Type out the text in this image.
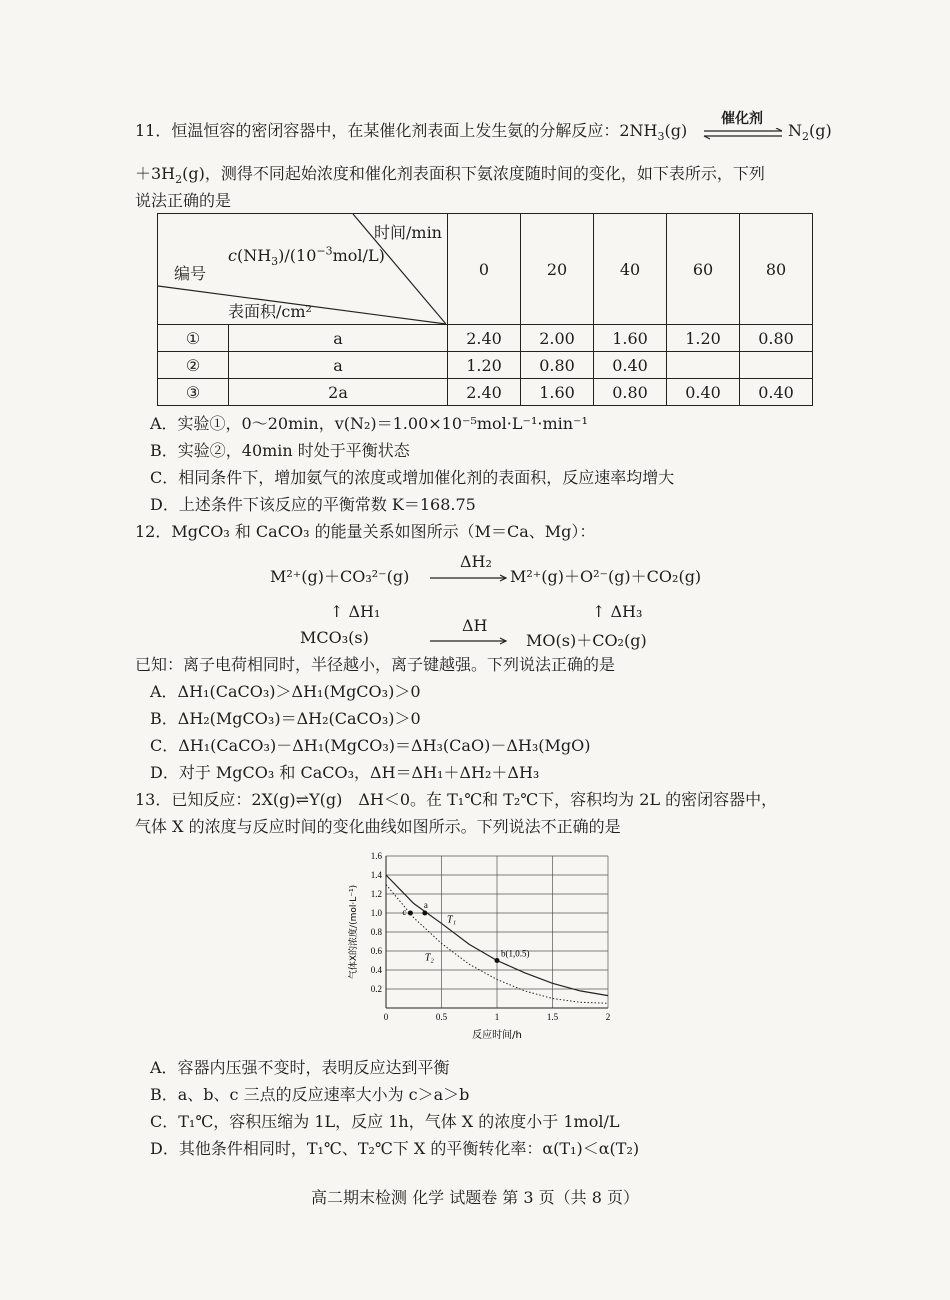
11．恒温恒容的密闭容器中，在某催化剂表面上发生氨的分解反应：$2NH_3(g)$
催化剂
$N_2(g)$
$+3H_2(g)$，测得不同起始浓度和催化剂表面积下氨浓度随时间的变化，如下表所示，下列
说法正确的是
时间/min
$c(NH_3)/(10^{-3}mol/L)$
编号
表面积/cm²		0	20	40	60	80
①	a	2.40	2.00	1.60	1.20	0.80
②	a	1.20	0.80	0.40		
③	2a	2.40	1.60	0.80	0.40	0.40
A．实验①，0～20min，v(N₂)＝1.00×10⁻⁵mol·L⁻¹·min⁻¹
B．实验②，40min 时处于平衡状态
C．相同条件下，增加氨气的浓度或增加催化剂的表面积，反应速率均增大
D．上述条件下该反应的平衡常数 K＝168.75
12．MgCO₃ 和 CaCO₃ 的能量关系如图所示（M＝Ca、Mg）：
M²⁺(g)＋CO₃²⁻(g)
ΔH₂
M²⁺(g)＋O²⁻(g)＋CO₂(g)
↑ ΔH₁	↑ ΔH₃
MCO₃(s)
ΔH
MO(s)＋CO₂(g)
已知：离子电荷相同时，半径越小，离子键越强。下列说法正确的是
A．ΔH₁(CaCO₃)＞ΔH₁(MgCO₃)＞0
B．ΔH₂(MgCO₃)＝ΔH₂(CaCO₃)＞0
C．ΔH₁(CaCO₃)－ΔH₁(MgCO₃)＝ΔH₃(CaO)－ΔH₃(MgO)
D．对于 MgCO₃ 和 CaCO₃，ΔH＝ΔH₁＋ΔH₂＋ΔH₃
13．已知反应：2X(g)⇌Y(g)　ΔH＜0。在 T₁℃和 T₂℃下，容积均为 2L 的密闭容器中，
气体 X 的浓度与反应时间的变化曲线如图所示。下列说法不正确的是
0.2
0.4
0.6
0.8
1.0
1.2
1.4
1.6
0	0.5	1	1.5	2
反应时间/h
气体X的浓度/(mol·L⁻¹)	T₁
T₂
a
c
b(1,0.5)
A．容器内压强不变时，表明反应达到平衡
B．a、b、c 三点的反应速率大小为 c＞a＞b
C．T₁℃，容积压缩为 1L，反应 1h，气体 X 的浓度小于 1mol/L
D．其他条件相同时，T₁℃、T₂℃下 X 的平衡转化率：α(T₁)＜α(T₂)
高二期末检测 化学 试题卷 第 3 页（共 8 页）
